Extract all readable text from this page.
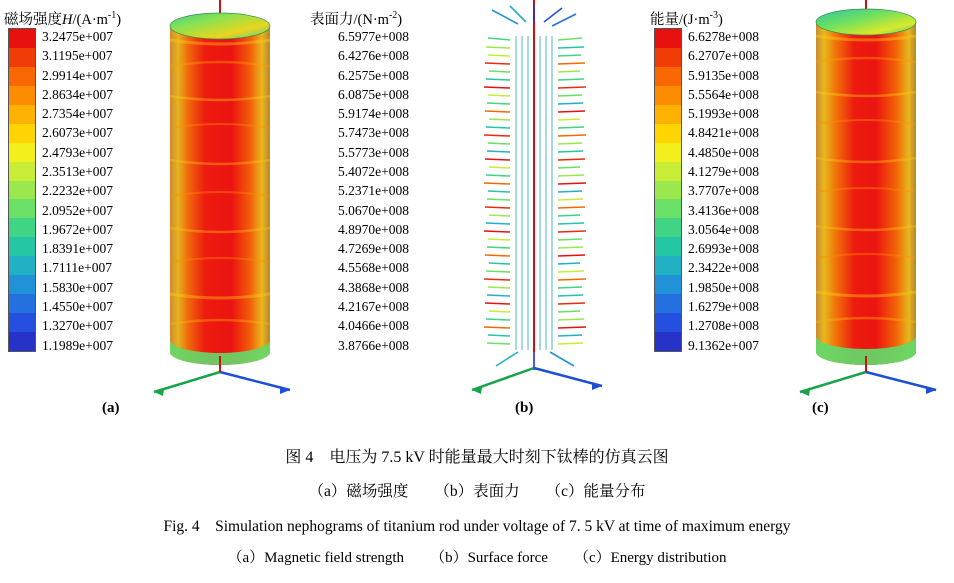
磁场强度$H/(A\cdot m^{-1})$
3.2475e+007
3.1195e+007
2.9914e+007
2.8634e+007
2.7354e+007
2.6073e+007
2.4793e+007
2.3513e+007
2.2232e+007
2.0952e+007
1.9672e+007
1.8391e+007
1.7111e+007
1.5830e+007
1.4550e+007
1.3270e+007
1.1989e+007
(a)
表面力$/(N\cdot m^{-2})$
6.5977e+008
6.4276e+008
6.2575e+008
6.0875e+008
5.9174e+008
5.7473e+008
5.5773e+008
5.4072e+008
5.2371e+008
5.0670e+008
4.8970e+008
4.7269e+008
4.5568e+008
4.3868e+008
4.2167e+008
4.0466e+008
3.8766e+008
(b)
能量$/(J\cdot m^{-3})$
6.6278e+008
6.2707e+008
5.9135e+008
5.5564e+008
5.1993e+008
4.8421e+008
4.4850e+008
4.1279e+008
3.7707e+008
3.4136e+008
3.0564e+008
2.6993e+008
2.3422e+008
1.9850e+008
1.6279e+008
1.2708e+008
9.1362e+007
(c)
图 4　电压为 7.5 kV 时能量最大时刻下钛棒的仿真云图
（a）磁场强度 （b）表面力 （c）能量分布
Fig. 4　Simulation nephograms of titanium rod under voltage of 7. 5 kV at time of maximum energy
（a）Magnetic field strength （b）Surface force （c）Energy distribution
